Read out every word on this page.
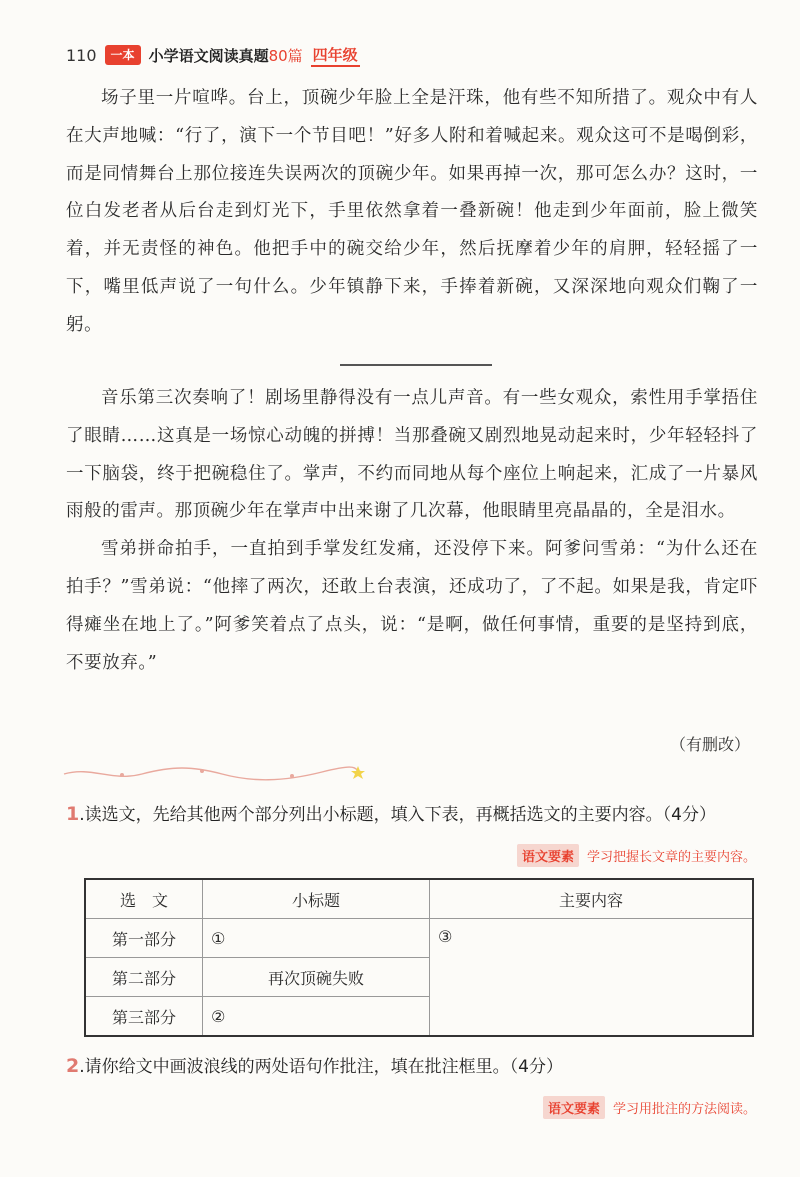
110	一本 小学语文阅读真题80篇 四年级

场子里一片喧哗。台上，顶碗少年脸上全是汗珠，他有些不知所措了。观众中有人在大声地喊：“行了，演下一个节目吧！”好多人附和着喊起来。观众这可不是喝倒彩，而是同情舞台上那位接连失误两次的顶碗少年。如果再掉一次，那可怎么办？这时，一位白发老者从后台走到灯光下，手里依然拿着一叠新碗！他走到少年面前，脸上微笑着，并无责怪的神色。他把手中的碗交给少年，然后抚摩着少年的肩胛，轻轻摇了一下，嘴里低声说了一句什么。少年镇静下来，手捧着新碗，又深深地向观众们鞠了一躬。

音乐第三次奏响了！剧场里静得没有一点儿声音。有一些女观众，索性用手掌捂住了眼睛……这真是一场惊心动魄的拼搏！当那叠碗又剧烈地晃动起来时，少年轻轻抖了一下脑袋，终于把碗稳住了。掌声，不约而同地从每个座位上响起来，汇成了一片暴风雨般的雷声。那顶碗少年在掌声中出来谢了几次幕，他眼睛里亮晶晶的，全是泪水。

雪弟拼命拍手，一直拍到手掌发红发痛，还没停下来。阿爹问雪弟：“为什么还在拍手？”雪弟说：“他摔了两次，还敢上台表演，还成功了，了不起。如果是我，肯定吓得瘫坐在地上了。”阿爹笑着点了点头，说：“是啊，做任何事情，重要的是坚持到底，不要放弃。”

（有删改）
1.读选文，先给其他两个部分列出小标题，填入下表，再概括选文的主要内容。（4分）
语文要素	学习把握长文章的主要内容。
选　文	小标题	主要内容
第一部分	①	③
第二部分	再次顶碗失败	
第三部分	②	
2.请你给文中画波浪线的两处语句作批注，填在批注框里。（4分）
语文要素	学习用批注的方法阅读。
